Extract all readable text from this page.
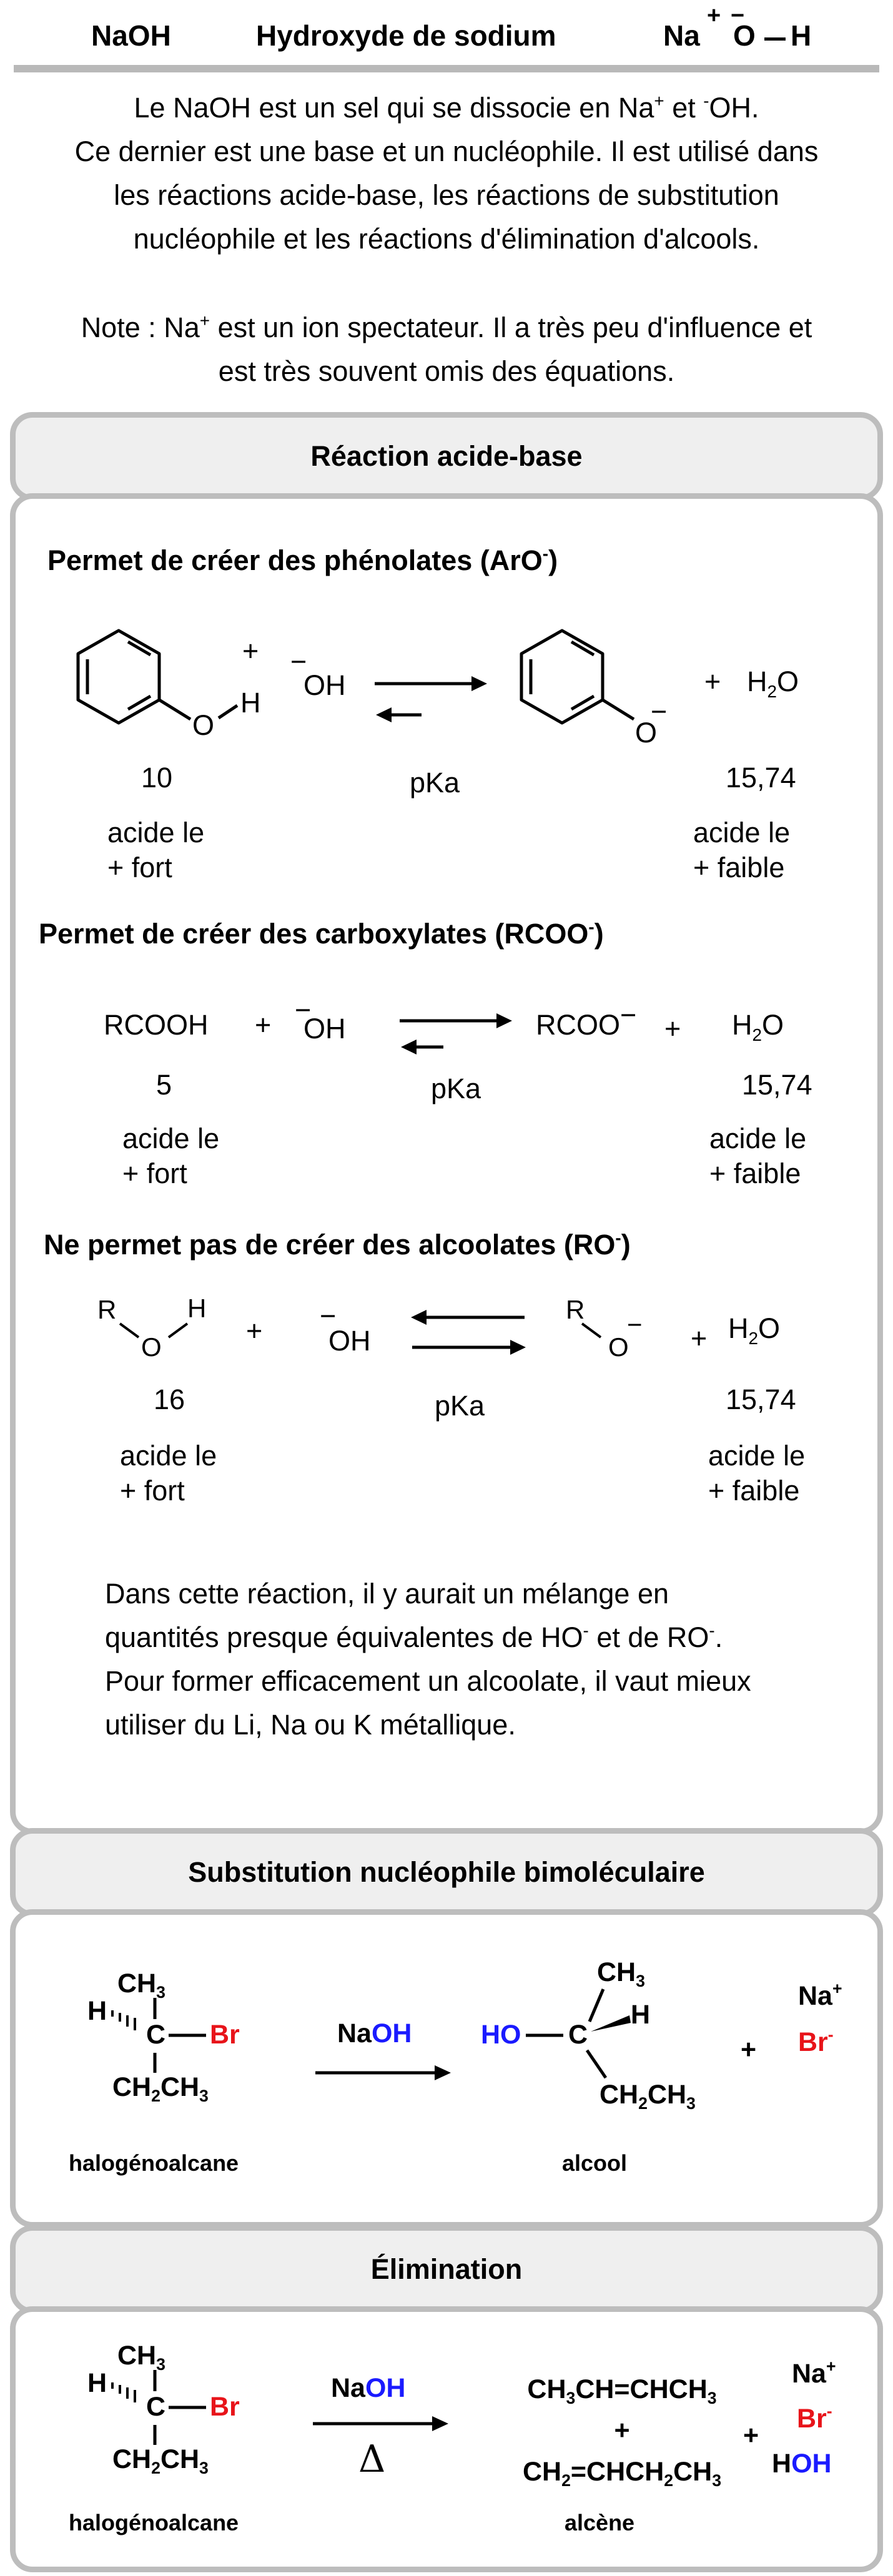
NaOH	Hydroxyde de sodium	Na
+ −
O H
Le NaOH est un sel qui se dissocie en Na+ et -OH.
Ce dernier est une base et un nucléophile. Il est utilisé dans
les réactions acide-base, les réactions de substitution
nucléophile et les réactions d'élimination d'alcools.
Note : Na+ est un ion spectateur. Il a très peu d'influence et
est très souvent omis des équations.
Réaction acide-base
Permet de créer des phénolates (ArO-)
O
H
+ −
OH
O
−
+ $H_2O$
10	pKa	15,74
acide le
+ fort
acide le
+ faible
Permet de créer des carboxylates (RCOO-)
RCOOH + −
OH	RCOO− + $H_2O$
5	pKa	15,74
acide le
+ fort
acide le
+ faible
Ne permet pas de créer des alcoolates (RO-)
R
O
H
+ −
OH
R
O
− + $H_2O$
16	pKa	15,74
acide le
+ fort
acide le
+ faible
Dans cette réaction, il y aurait un mélange en
quantités presque équivalentes de HO- et de RO-.
Pour former efficacement un alcoolate, il vaut mieux
utiliser du Li, Na ou K métallique.
Substitution nucléophile bimoléculaire
$CH_3$
H
C Br
$CH_2CH_3$
NaOH
$CH_3$
H
HO C
$CH_2CH_3$
+
Na+
Br-
halogénoalcane	alcool
Élimination
$CH_3$
H
C Br
$CH_2CH_3$
NaOH
Δ
$CH_3CH=CHCH_3$
+
$CH_2=CHCH_2CH_3$
+
Na+
Br-
HOH
halogénoalcane	alcène
